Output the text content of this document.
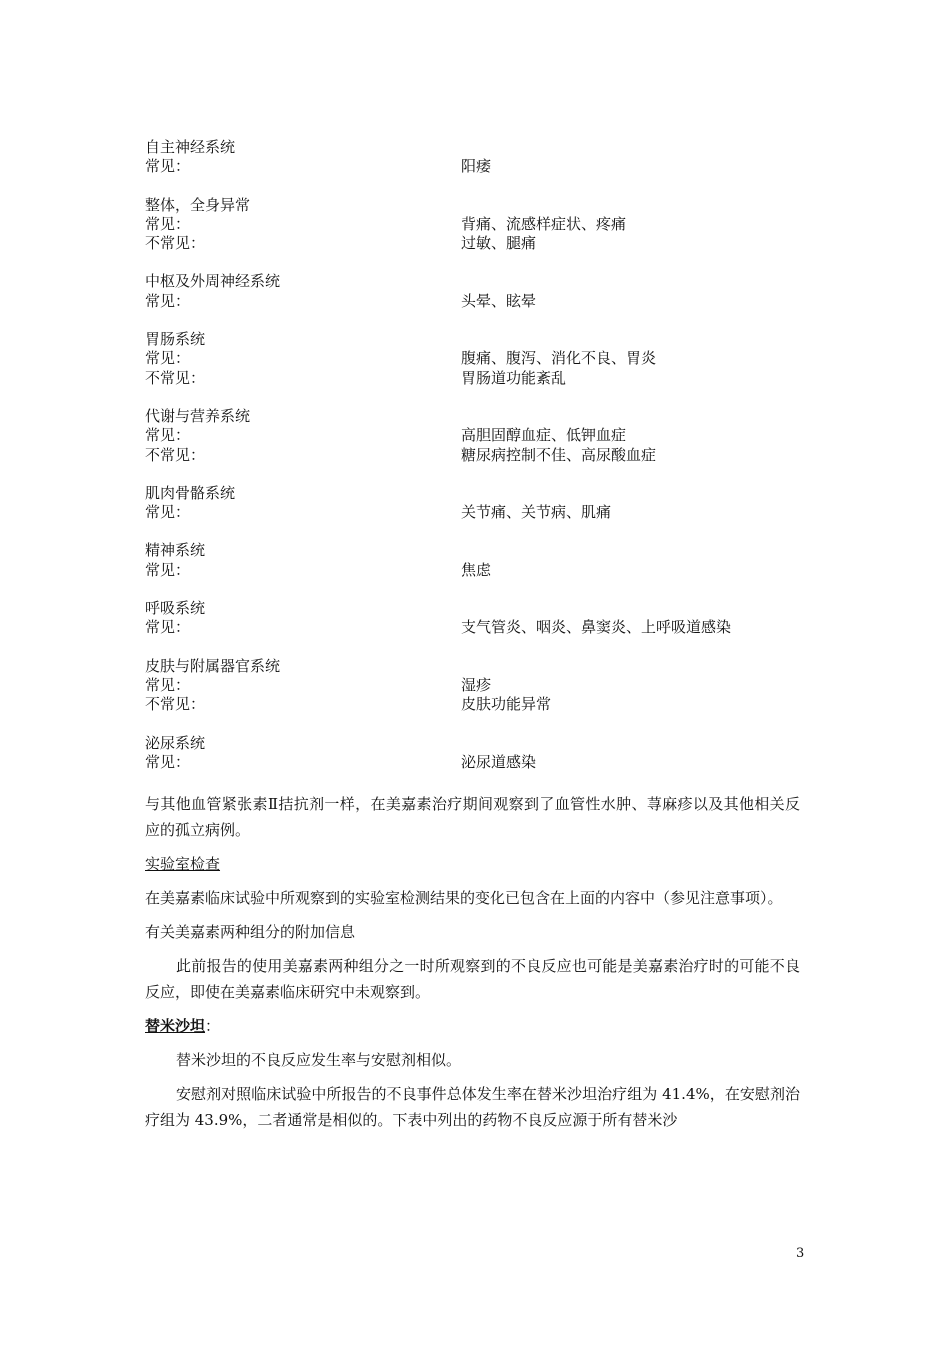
自主神经系统
常见：	阳痿
整体，全身异常
常见：	背痛、流感样症状、疼痛
不常见：	过敏、腿痛
中枢及外周神经系统
常见：	头晕、眩晕
胃肠系统
常见：	腹痛、腹泻、消化不良、胃炎
不常见：	胃肠道功能紊乱
代谢与营养系统
常见：	高胆固醇血症、低钾血症
不常见：	糖尿病控制不佳、高尿酸血症
肌肉骨骼系统
常见：	关节痛、关节病、肌痛
精神系统
常见：	焦虑
呼吸系统
常见：	支气管炎、咽炎、鼻窦炎、上呼吸道感染
皮肤与附属器官系统
常见：	湿疹
不常见：	皮肤功能异常
泌尿系统
常见：	泌尿道感染

与其他血管紧张素Ⅱ拮抗剂一样，在美嘉素治疗期间观察到了血管性水肿、荨麻疹以及其他相关反应的孤立病例。

实验室检查

在美嘉素临床试验中所观察到的实验室检测结果的变化已包含在上面的内容中（参见注意事项）。

有关美嘉素两种组分的附加信息

此前报告的使用美嘉素两种组分之一时所观察到的不良反应也可能是美嘉素治疗时的可能不良反应，即使在美嘉素临床研究中未观察到。

替米沙坦：

替米沙坦的不良反应发生率与安慰剂相似。

安慰剂对照临床试验中所报告的不良事件总体发生率在替米沙坦治疗组为 41.4%，在安慰剂治疗组为 43.9%，二者通常是相似的。下表中列出的药物不良反应源于所有替米沙

3
